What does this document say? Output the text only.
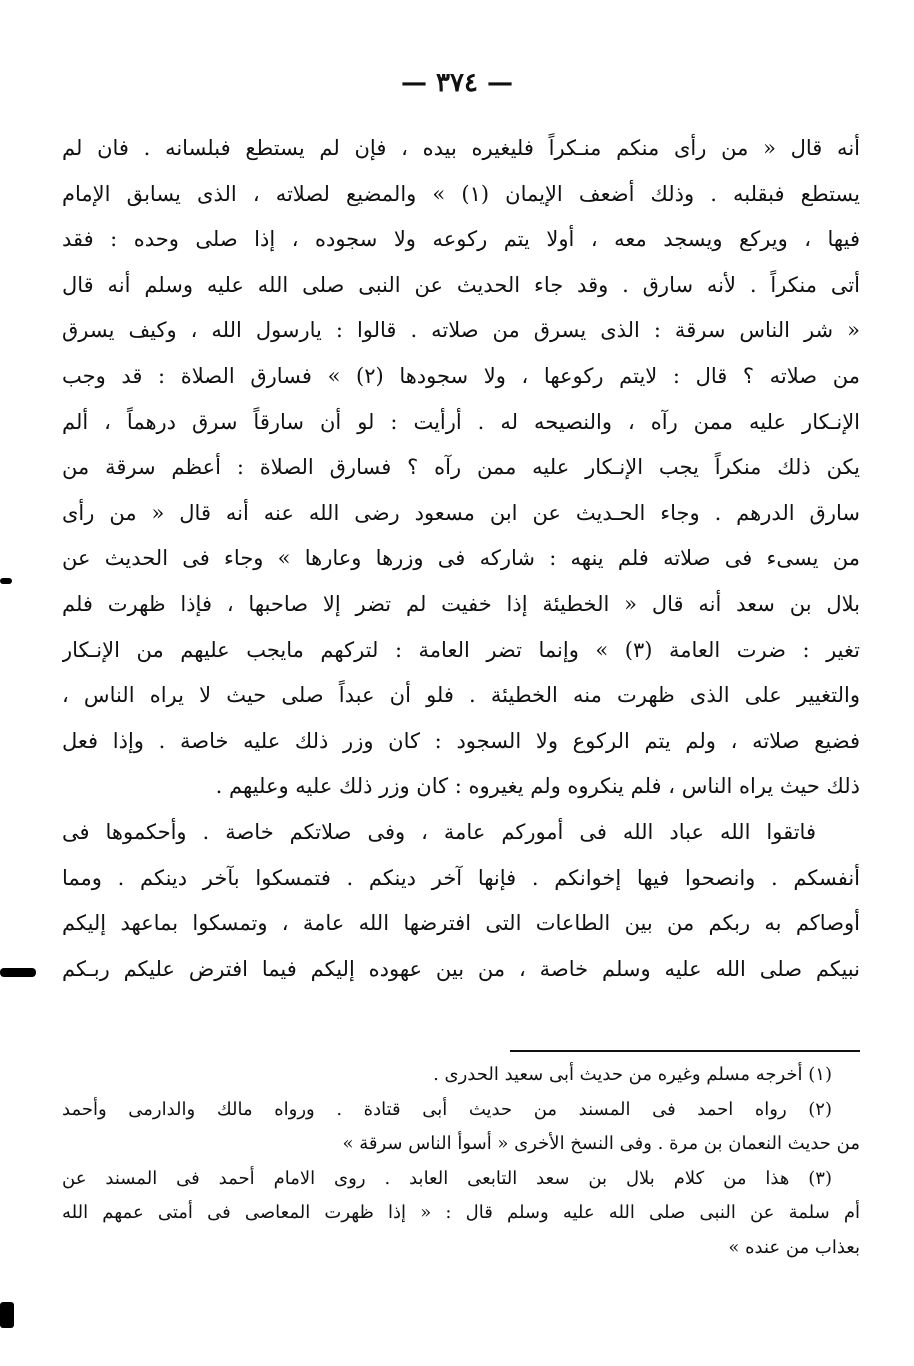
— ٣٧٤ —
أنه قال « من رأى منكم منـكراً فليغيره بيده ، فإن لم يستطع فبلسانه . فان لم
يستطع فبقلبه . وذلك أضعف الإيمان (١) » والمضيع لصلاته ، الذى يسابق الإمام
فيها ، ويركع ويسجد معه ، أولا يتم ركوعه ولا سجوده ، إذا صلى وحده : فقد
أتى منكراً . لأنه سارق . وقد جاء الحديث عن النبى صلى الله عليه وسلم أنه قال
« شر الناس سرقة : الذى يسرق من صلاته . قالوا : يارسول الله ، وكيف يسرق
من صلاته ؟ قال : لايتم ركوعها ، ولا سجودها (٢) » فسارق الصلاة : قد وجب
الإنـكار عليه ممن رآه ، والنصيحه له . أرأيت : لو أن سارقاً سرق درهماً ، ألم
يكن ذلك منكراً يجب الإنـكار عليه ممن رآه ؟ فسارق الصلاة : أعظم سرقة من
سارق الدرهم . وجاء الحـديث عن ابن مسعود رضى الله عنه أنه قال « من رأى
من يسىء فى صلاته فلم ينهه : شاركه فى وزرها وعارها » وجاء فى الحديث عن
بلال بن سعد أنه قال « الخطيئة إذا خفيت لم تضر إلا صاحبها ، فإذا ظهرت فلم
تغير : ضرت العامة (٣) » وإنما تضر العامة : لتركهم مايجب عليهم من الإنـكار
والتغيير على الذى ظهرت منه الخطيئة . فلو أن عبداً صلى حيث لا يراه الناس ،
فضيع صلاته ، ولم يتم الركوع ولا السجود : كان وزر ذلك عليه خاصة . وإذا فعل
ذلك حيث يراه الناس ، فلم ينكروه ولم يغيروه : كان وزر ذلك عليه وعليهم .
فاتقوا الله عباد الله فى أموركم عامة ، وفى صلاتكم خاصة . وأحكموها فى
أنفسكم . وانصحوا فيها إخوانكم . فإنها آخر دينكم . فتمسكوا بآخر دينكم . ومما
أوصاكم به ربكم من بين الطاعات التى افترضها الله عامة ، وتمسكوا بماعهد إليكم
نبيكم صلى الله عليه وسلم خاصة ، من بين عهوده إليكم فيما افترض عليكم ربـكم
(١) أخرجه مسلم وغيره من حديث أبى سعيد الحدرى .
(٢) رواه احمد فى المسند من حديث أبى قتادة . ورواه مالك والدارمى وأحمد
من حديث النعمان بن مرة . وفى النسخ الأخرى « أسوأ الناس سرقة »
(٣) هذا من كلام بلال بن سعد التابعى العابد . روى الامام أحمد فى المسند عن
أم سلمة عن النبى صلى الله عليه وسلم قال : « إذا ظهرت المعاصى فى أمتى عمهم الله
بعذاب من عنده »
